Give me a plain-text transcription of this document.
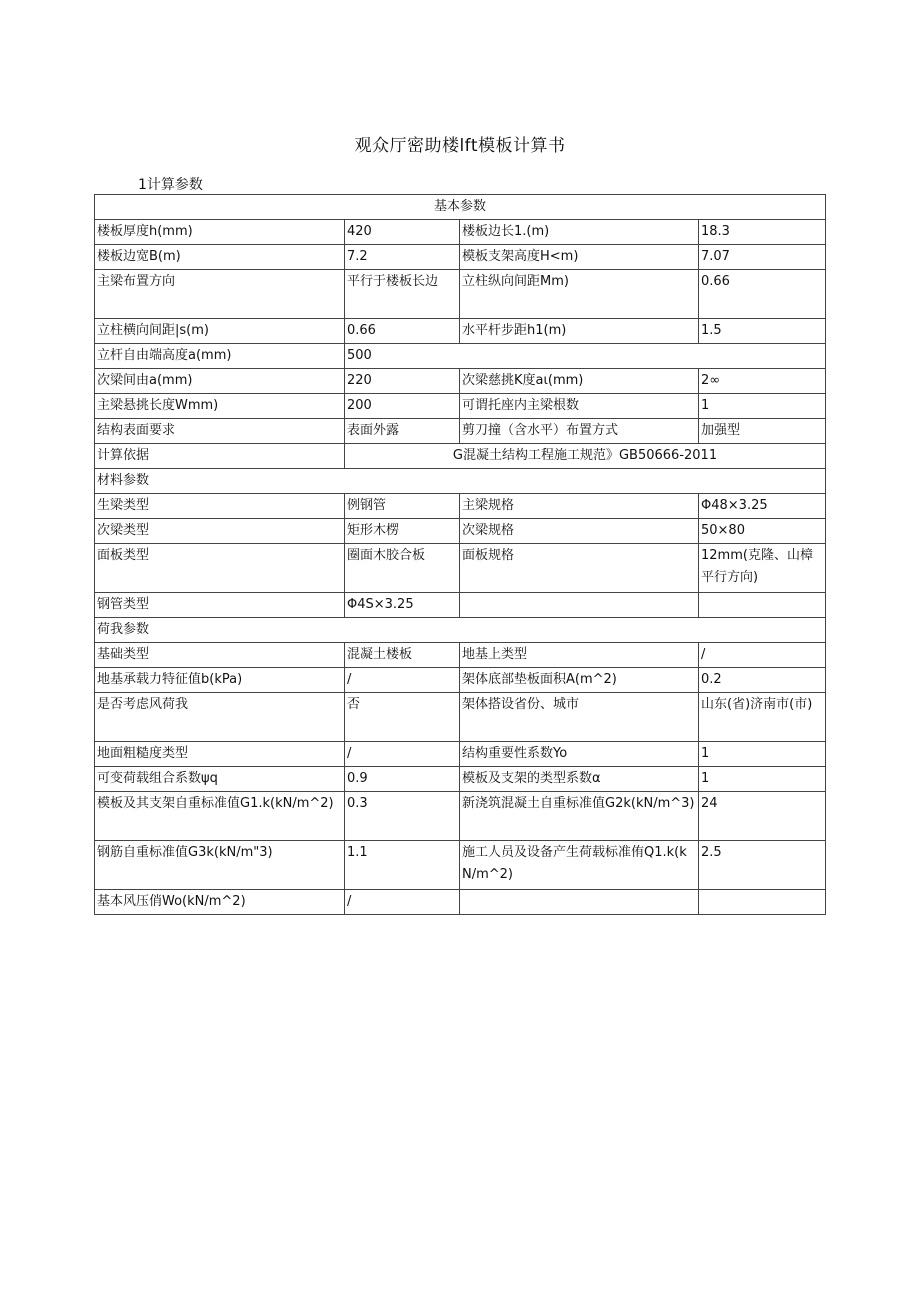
观众厅密助楼lft模板计算书
1计算参数
基本参数			
楼板厚度h(mm)	420	楼板边长1.(m)	18.3
楼板边宽B(m)	7.2	模板支架高度H<m)	7.07
主梁布置方向	平行于楼板长边	立柱纵向间距Mm)	0.66
立柱横向间距|s(m)	0.66	水平杆步距h1(m)	1.5
立杆自由端高度a(mm)	500		
次梁间由a(mm)	220	次梁慈挑K度aι(mm)	2∞
主梁悬挑长度Wmm)	200	可谓托座内主梁根数	1
结构表面要求	表面外露	剪刀撞（含水平）布置方式	加强型
计算依据	G混凝土结构工程施工规范》GB50666-2011		
材料参数			
生梁类型	例钢管	主梁规格	Φ48×3.25
次梁类型	矩形木楞	次梁规格	50×80
面板类型	圈面木胶合板	面板规格	12mm(克隆、山樟平行方向)
钢管类型	Φ4S×3.25		
荷我参数			
基础类型	混凝土楼板	地基上类型	/
地基承载力特征值b(kPa)	/	架体底部垫板面积A(m^2)	0.2
是否考虑风荷我	否	架体搭设省份、城市	山东(省)济南市(市)
地面粗糙度类型	/	结构重要性系数Yo	1
可变荷载组合系数ψq	0.9	模板及支架的类型系数α	1
模板及其支架自重标准值G1.k(kN/m^2)	0.3	新浇筑混凝土自重标准值G2k(kN/m^3)	24
钢筋自重标准值G3k(kN/m"3)	1.1	施工人员及设备产生荷载标准侑Q1.k(kN/m^2)	2.5
基本风压俏Wo(kN/m^2)	/		
